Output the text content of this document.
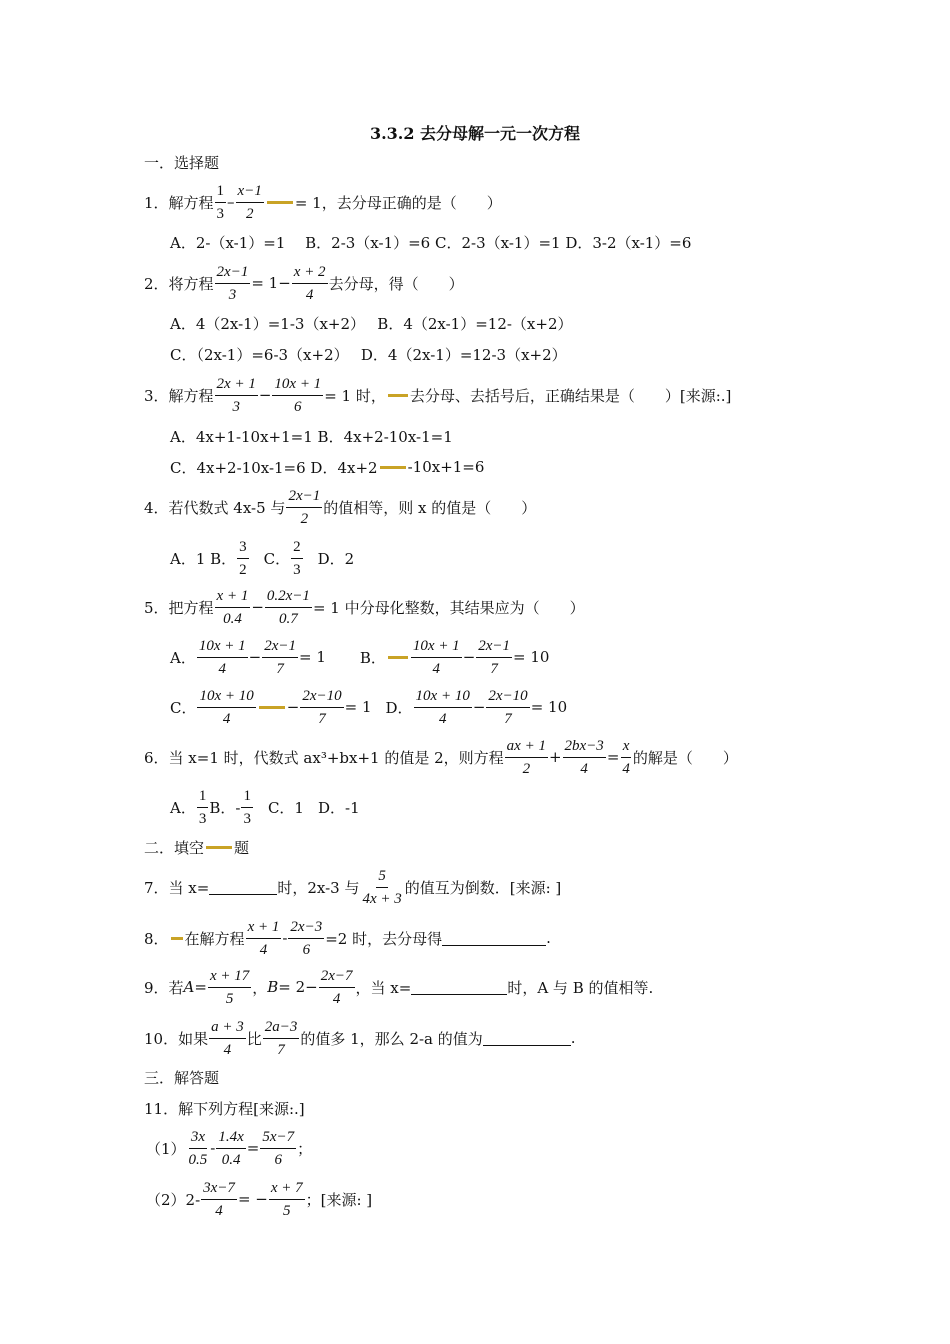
3.3.2 去分母解一元一次方程
一．选择题
1．解方程 $\frac{1}{3} - \frac{x-1}{2} = 1$，去分母正确的是（　　）
A．2-（x-1）=1　 B．2-3（x-1）=6 C．2-3（x-1）=1 D．3-2（x-1）=6
2．将方程 $\frac{2x-1}{3} = 1- \frac{x + 2}{4}$ 去分母，得（　　）
A．4（2x-1）=1-3（x+2）　 B．4（2x-1）=12-（x+2）
C．（2x-1）=6-3（x+2）　 D．4（2x-1）=12-3（x+2）
3．解方程 $\frac{2x + 1}{3} - \frac{10x + 1}{6} = 1$ 时， 去分母、去括号后，正确结果是（　　）[来源:.]
A．4x+1-10x+1=1 B．4x+2-10x-1=1
C．4x+2-10x-1=6 D．4x+2 -10x+1=6
4．若代数式 4x-5 与 $\frac{2x-1}{2}$ 的值相等，则 x 的值是（　　）
A．1 B． $\frac{3}{2}$ C． $\frac{2}{3}$ D．2
5．把方程 $\frac{x + 1}{0.4} - \frac{0.2x-1}{0.7} = 1$ 中分母化整数，其结果应为（　　）
A． $\frac{10x + 1}{4} - \frac{2x-1}{7} = 1$ B． $\frac{10x + 1}{4} - \frac{2x-1}{7} = 10$
C． $\frac{10x + 10}{4} - \frac{2x-10}{7} = 1$ D． $\frac{10x + 10}{4} - \frac{2x-10}{7} = 10$
6．当 x=1 时，代数式 ax³+bx+1 的值是 2，则方程 $\frac{ax + 1}{2} + \frac{2bx-3}{4} = \frac{x}{4}$ 的解是（　　）
A． $\frac{1}{3}$ B．- $\frac{1}{3}$ C．1 D．-1
二．填空 题
7．当 x=	时，2x-3 与 $\frac{5}{4x + 3}$ 的值互为倒数．[来源: ]
8． 在解方程 $\frac{x + 1}{4} - \frac{2x-3}{6} =2$ 时，去分母得	.
9．若 $A = \frac{x + 17}{5}$ ， $B = 2- \frac{2x-7}{4}$ ，当 x=	时，A 与 B 的值相等.
10．如果 $\frac{a + 3}{4}$ 比 $\frac{2a-3}{7}$ 的值多 1，那么 2-a 的值为	.
三．解答题
11．解下列方程[来源:.]
$(1) \frac{3x}{0.5} - \frac{1.4x}{0.4} = \frac{5x-7}{6}$ ；
$(2)2- \frac{3x-7}{4}$ = − $\frac{x + 7}{5}$ ；[来源: ]
